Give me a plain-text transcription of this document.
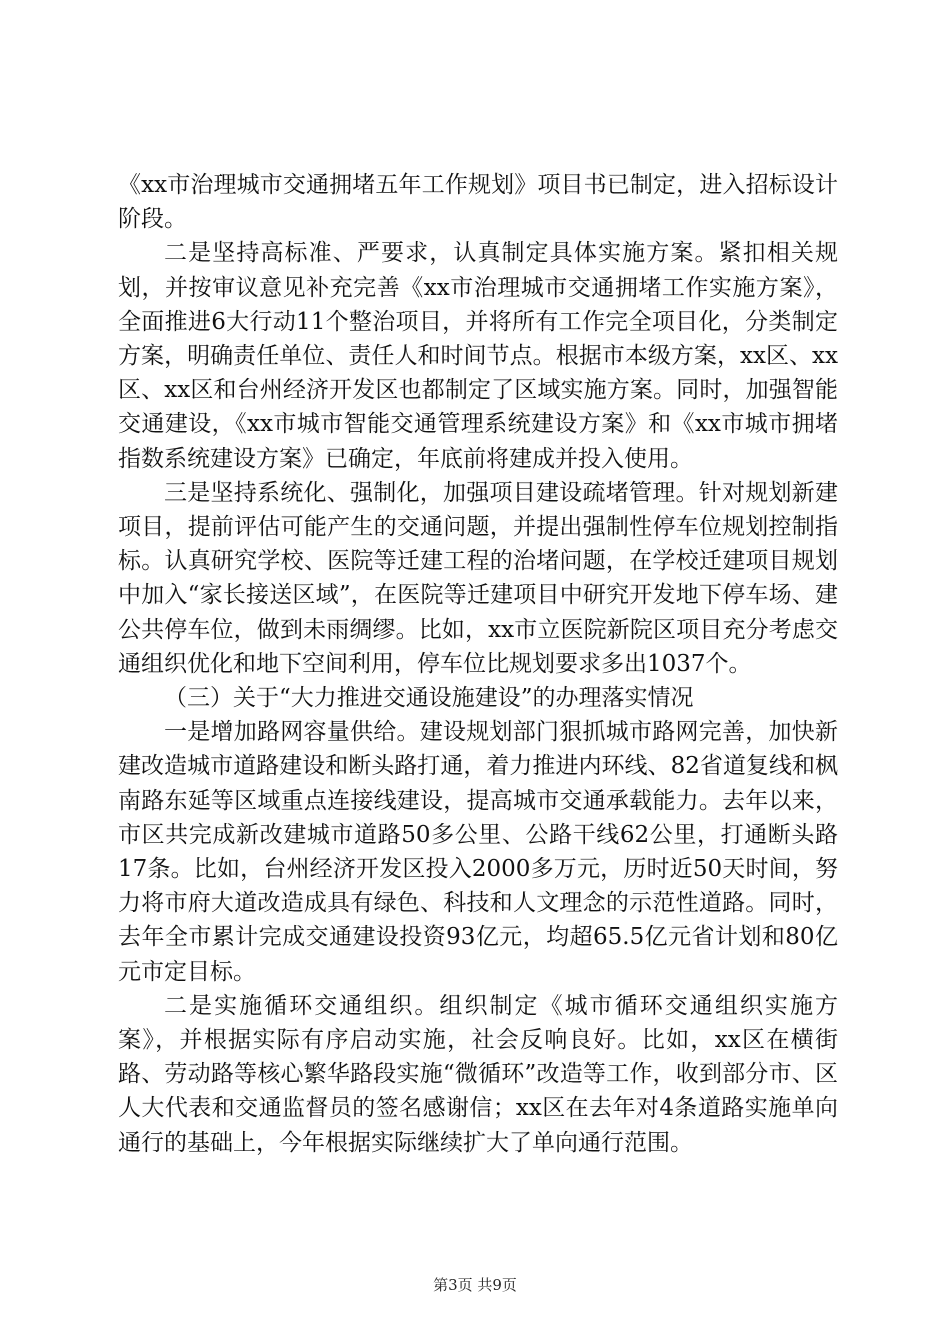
《xx市治理城市交通拥堵五年工作规划》项目书已制定，进入招标设计阶段。

二是坚持高标准、严要求，认真制定具体实施方案。紧扣相关规划，并按审议意见补充完善《xx市治理城市交通拥堵工作实施方案》，全面推进6大行动11个整治项目，并将所有工作完全项目化，分类制定方案，明确责任单位、责任人和时间节点。根据市本级方案，xx区、xx区、xx区和台州经济开发区也都制定了区域实施方案。同时，加强智能交通建设，《xx市城市智能交通管理系统建设方案》和《xx市城市拥堵指数系统建设方案》已确定，年底前将建成并投入使用。

三是坚持系统化、强制化，加强项目建设疏堵管理。针对规划新建项目，提前评估可能产生的交通问题，并提出强制性停车位规划控制指标。认真研究学校、医院等迁建工程的治堵问题，在学校迁建项目规划中加入“家长接送区域”，在医院等迁建项目中研究开发地下停车场、建公共停车位，做到未雨绸缪。比如，xx市立医院新院区项目充分考虑交通组织优化和地下空间利用，停车位比规划要求多出1037个。

（三）关于“大力推进交通设施建设”的办理落实情况

一是增加路网容量供给。建设规划部门狠抓城市路网完善，加快新建改造城市道路建设和断头路打通，着力推进内环线、82省道复线和枫南路东延等区域重点连接线建设，提高城市交通承载能力。去年以来，市区共完成新改建城市道路50多公里、公路干线62公里，打通断头路17条。比如，台州经济开发区投入2000多万元，历时近50天时间，努力将市府大道改造成具有绿色、科技和人文理念的示范性道路。同时，去年全市累计完成交通建设投资93亿元，均超65.5亿元省计划和80亿元市定目标。

二是实施循环交通组织。组织制定《城市循环交通组织实施方案》，并根据实际有序启动实施，社会反响良好。比如，xx区在横街路、劳动路等核心繁华路段实施“微循环”改造等工作，收到部分市、区人大代表和交通监督员的签名感谢信；xx区在去年对4条道路实施单向通行的基础上，今年根据实际继续扩大了单向通行范围。

第3页 共9页
